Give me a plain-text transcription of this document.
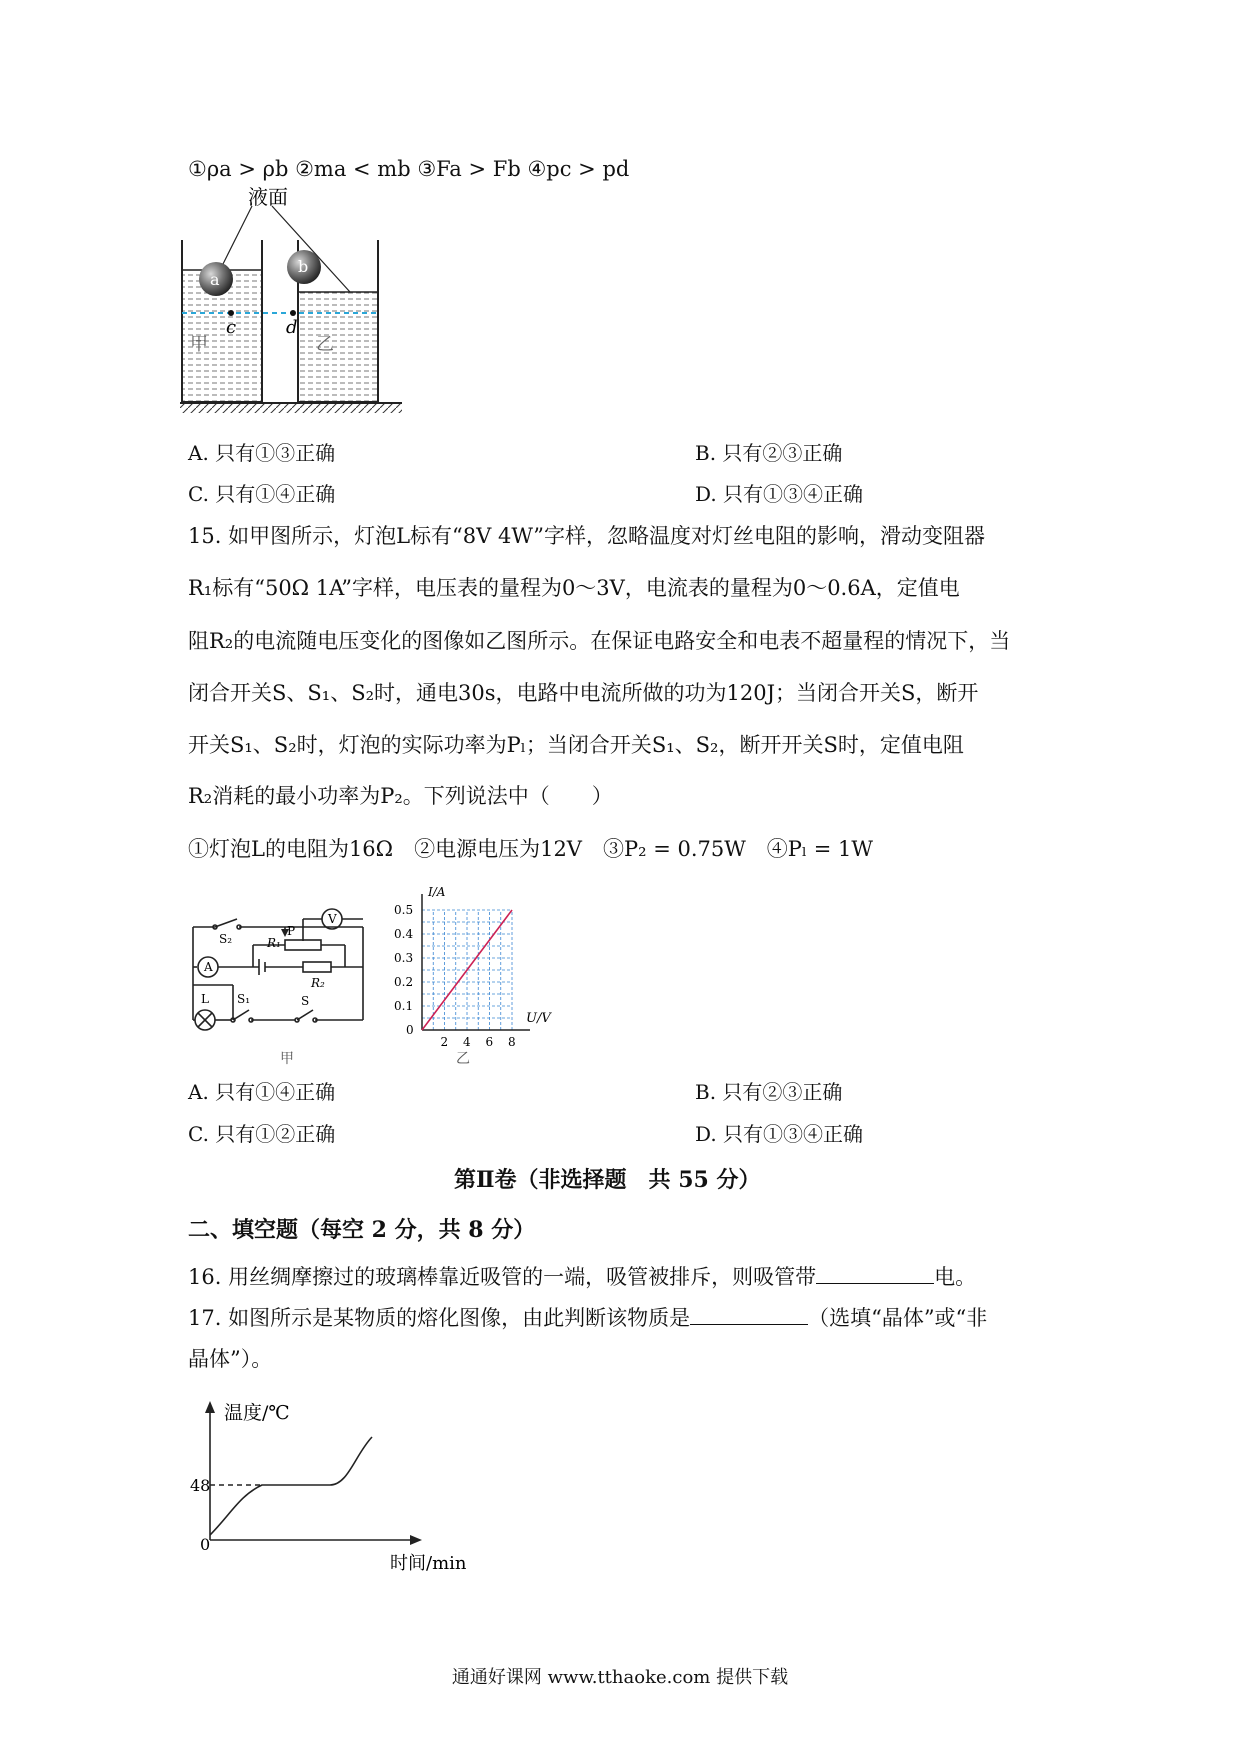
①ρa > ρb ②ma < mb ③Fa > Fb ④pc > pd
液面
a
b
c	d
甲	乙
A. 只有①③正确	B. 只有②③正确
C. 只有①④正确	D. 只有①③④正确
15. 如甲图所示，灯泡L标有“8V 4W”字样，忽略温度对灯丝电阻的影响，滑动变阻器
R₁标有“50Ω 1A”字样，电压表的量程为0～3V，电流表的量程为0～0.6A，定值电
阻R₂的电流随电压变化的图像如乙图所示。在保证电路安全和电表不超量程的情况下，当
闭合开关S、S₁、S₂时，通电30s，电路中电流所做的功为120J；当闭合开关S，断开
开关S₁、S₂时，灯泡的实际功率为Pₗ；当闭合开关S₁、S₂，断开开关S时，定值电阻
R₂消耗的最小功率为P₂。下列说法中（　　）
①灯泡L的电阻为16Ω　②电源电压为12V　③P₂ = 0.75W　④Pₗ = 1W
S₂
V
A
R₁
P
R₂
L S₁	S
甲
0.1
0.2
0.3
0.4
0.5
2 4 6 8
I/A
U/V
0
乙
A. 只有①④正确	B. 只有②③正确
C. 只有①②正确	D. 只有①③④正确
第Ⅱ卷（非选择题　共 55 分）
二、填空题（每空 2 分，共 8 分）
16. 用丝绸摩擦过的玻璃棒靠近吸管的一端，吸管被排斥，则吸管带	电。
17. 如图所示是某物质的熔化图像，由此判断该物质是	（选填“晶体”或“非
晶体”）。
温度/℃
48
0
时间/min
通通好课网 www.tthaoke.com 提供下载
